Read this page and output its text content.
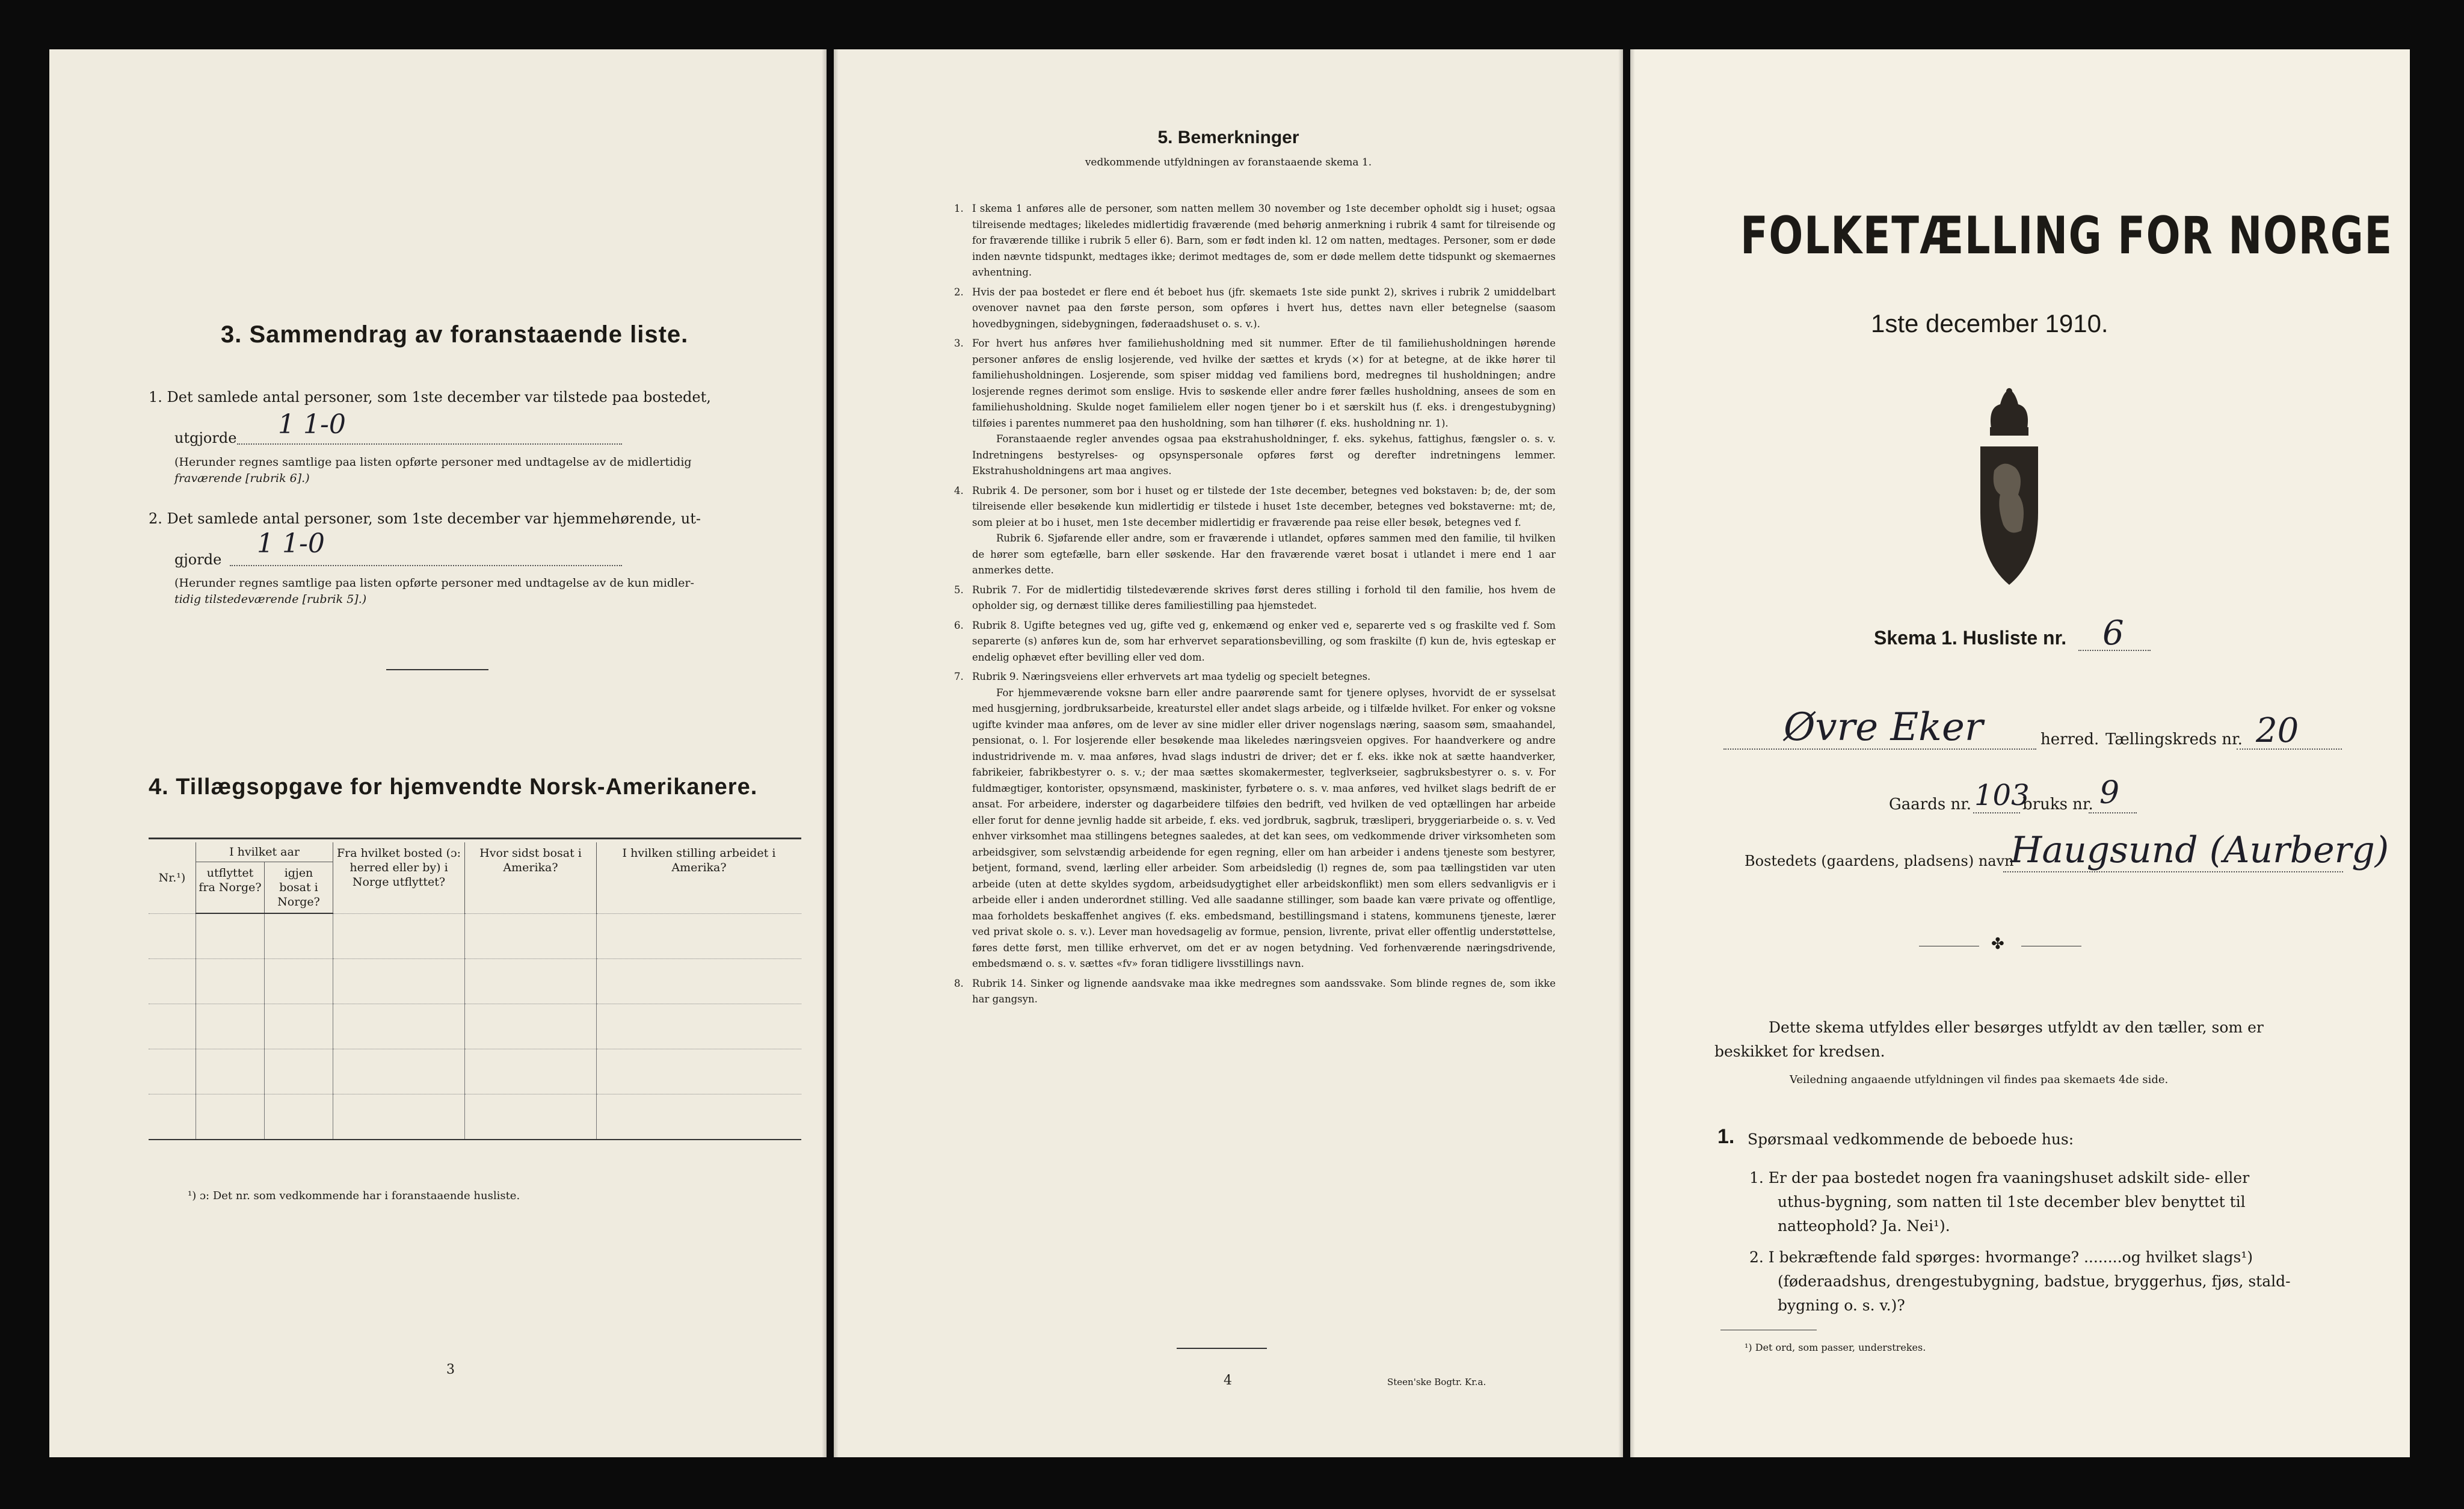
3. Sammendrag av foranstaaende liste.
1. Det samlede antal personer, som 1ste december var tilstede paa bostedet,
utgjorde 1 1-0
(Herunder regnes samtlige paa listen opførte personer med undtagelse av de midlertidig
fraværende [rubrik 6].)
2. Det samlede antal personer, som 1ste december var hjemmehørende, ut-
gjorde
1 1-0
(Herunder regnes samtlige paa listen opførte personer med undtagelse av de kun midler-
tidig tilstedeværende [rubrik 5].)
4. Tillægsopgave for hjemvendte Norsk-Amerikanere.
Nr.¹)	I hvilket aar		Fra hvilket bosted (ɔ: herred eller by) i Norge utflyttet?	Hvor sidst bosat i Amerika?	I hvilken stilling arbeidet i Amerika?
	utflyttet fra Norge?	igjen bosat i Norge?			

¹) ɔ: Det nr. som vedkommende har i foranstaaende husliste.
3
5. Bemerkninger
vedkommende utfyldningen av foranstaaende skema 1.
1. I skema 1 anføres alle de personer, som natten mellem 30 november og 1ste december opholdt sig i huset; ogsaa tilreisende medtages; likeledes midlertidig fraværende (med behørig anmerkning i rubrik 4 samt for tilreisende og for fraværende tillike i rubrik 5 eller 6). Barn, som er født inden kl. 12 om natten, medtages. Personer, som er døde inden nævnte tidspunkt, medtages ikke; derimot medtages de, som er døde mellem dette tidspunkt og skemaernes avhentning.
2. Hvis der paa bostedet er flere end ét beboet hus (jfr. skemaets 1ste side punkt 2), skrives i rubrik 2 umiddelbart ovenover navnet paa den første person, som opføres i hvert hus, dettes navn eller betegnelse (saasom hovedbygningen, sidebygningen, føderaadshuset o. s. v.).
3. For hvert hus anføres hver familiehusholdning med sit nummer. Efter de til familiehusholdningen hørende personer anføres de enslig losjerende, ved hvilke der sættes et kryds (×) for at betegne, at de ikke hører til familiehusholdningen. Losjerende, som spiser middag ved familiens bord, medregnes til husholdningen; andre losjerende regnes derimot som enslige. Hvis to søskende eller andre fører fælles husholdning, ansees de som en familiehusholdning. Skulde noget familielem eller nogen tjener bo i et særskilt hus (f. eks. i drengestubygning) tilføies i parentes nummeret paa den husholdning, som han tilhører (f. eks. husholdning nr. 1).

Foranstaaende regler anvendes ogsaa paa ekstrahusholdninger, f. eks. sykehus, fattighus, fængsler o. s. v. Indretningens bestyrelses- og opsynspersonale opføres først og derefter indretningens lemmer. Ekstrahusholdningens art maa angives.

4. Rubrik 4. De personer, som bor i huset og er tilstede der 1ste december, betegnes ved bokstaven: b; de, der som tilreisende eller besøkende kun midlertidig er tilstede i huset 1ste december, betegnes ved bokstaverne: mt; de, som pleier at bo i huset, men 1ste december midlertidig er fraværende paa reise eller besøk, betegnes ved f.

Rubrik 6. Sjøfarende eller andre, som er fraværende i utlandet, opføres sammen med den familie, til hvilken de hører som egtefælle, barn eller søskende. Har den fraværende været bosat i utlandet i mere end 1 aar anmerkes dette.

5. Rubrik 7. For de midlertidig tilstedeværende skrives først deres stilling i forhold til den familie, hos hvem de opholder sig, og dernæst tillike deres familiestilling paa hjemstedet.
6. Rubrik 8. Ugifte betegnes ved ug, gifte ved g, enkemænd og enker ved e, separerte ved s og fraskilte ved f. Som separerte (s) anføres kun de, som har erhvervet separationsbevilling, og som fraskilte (f) kun de, hvis egteskap er endelig ophævet efter bevilling eller ved dom.
7. Rubrik 9. Næringsveiens eller erhvervets art maa tydelig og specielt betegnes.

For hjemmeværende voksne barn eller andre paarørende samt for tjenere oplyses, hvorvidt de er sysselsat med husgjerning, jordbruksarbeide, kreaturstel eller andet slags arbeide, og i tilfælde hvilket. For enker og voksne ugifte kvinder maa anføres, om de lever av sine midler eller driver nogenslags næring, saasom søm, smaahandel, pensionat, o. l. For losjerende eller besøkende maa likeledes næringsveien opgives. For haandverkere og andre industridrivende m. v. maa anføres, hvad slags industri de driver; det er f. eks. ikke nok at sætte haandverker, fabrikeier, fabrikbestyrer o. s. v.; der maa sættes skomakermester, teglverkseier, sagbruksbestyrer o. s. v. For fuldmægtiger, kontorister, opsynsmænd, maskinister, fyrbøtere o. s. v. maa anføres, ved hvilket slags bedrift de er ansat. For arbeidere, inderster og dagarbeidere tilføies den bedrift, ved hvilken de ved optællingen har arbeide eller forut for denne jevnlig hadde sit arbeide, f. eks. ved jordbruk, sagbruk, træsliperi, bryggeriarbeide o. s. v. Ved enhver virksomhet maa stillingens betegnes saaledes, at det kan sees, om vedkommende driver virksomheten som arbeidsgiver, som selvstændig arbeidende for egen regning, eller om han arbeider i andens tjeneste som bestyrer, betjent, formand, svend, lærling eller arbeider. Som arbeidsledig (l) regnes de, som paa tællingstiden var uten arbeide (uten at dette skyldes sygdom, arbeidsudygtighet eller arbeidskonflikt) men som ellers sedvanligvis er i arbeide eller i anden underordnet stilling. Ved alle saadanne stillinger, som baade kan være private og offentlige, maa forholdets beskaffenhet angives (f. eks. embedsmand, bestillingsmand i statens, kommunens tjeneste, lærer ved privat skole o. s. v.). Lever man hovedsagelig av formue, pension, livrente, privat eller offentlig understøttelse, føres dette først, men tillike erhvervet, om det er av nogen betydning. Ved forhenværende næringsdrivende, embedsmænd o. s. v. sættes «fv» foran tidligere livsstillings navn.

8. Rubrik 14. Sinker og lignende aandsvake maa ikke medregnes som aandssvake. Som blinde regnes de, som ikke har gangsyn.
4	Steen'ske Bogtr. Kr.a.
FOLKETÆLLING FOR NORGE
1ste december 1910.
Skema 1. Husliste nr. 6
Øvre Eker	herred. Tællingskreds nr. 20
Gaards nr. 103
bruks nr. 9
Bostedets (gaardens, pladsens) navn
Haugsund (Aurberg)
✤
Dette skema utfyldes eller besørges utfyldt av den tæller, som er
beskikket for kredsen.
Veiledning angaaende utfyldningen vil findes paa skemaets 4de side.
1. Spørsmaal vedkommende de beboede hus:
1. Er der paa bostedet nogen fra vaaningshuset adskilt side- eller
uthus-bygning, som natten til 1ste december blev benyttet til
natteophold? Ja. Nei¹).
2. I bekræftende fald spørges: hvormange? ........og hvilket slags¹)
(føderaadshus, drengestubygning, badstue, bryggerhus, fjøs, stald-
bygning o. s. v.)?
¹) Det ord, som passer, understrekes.
